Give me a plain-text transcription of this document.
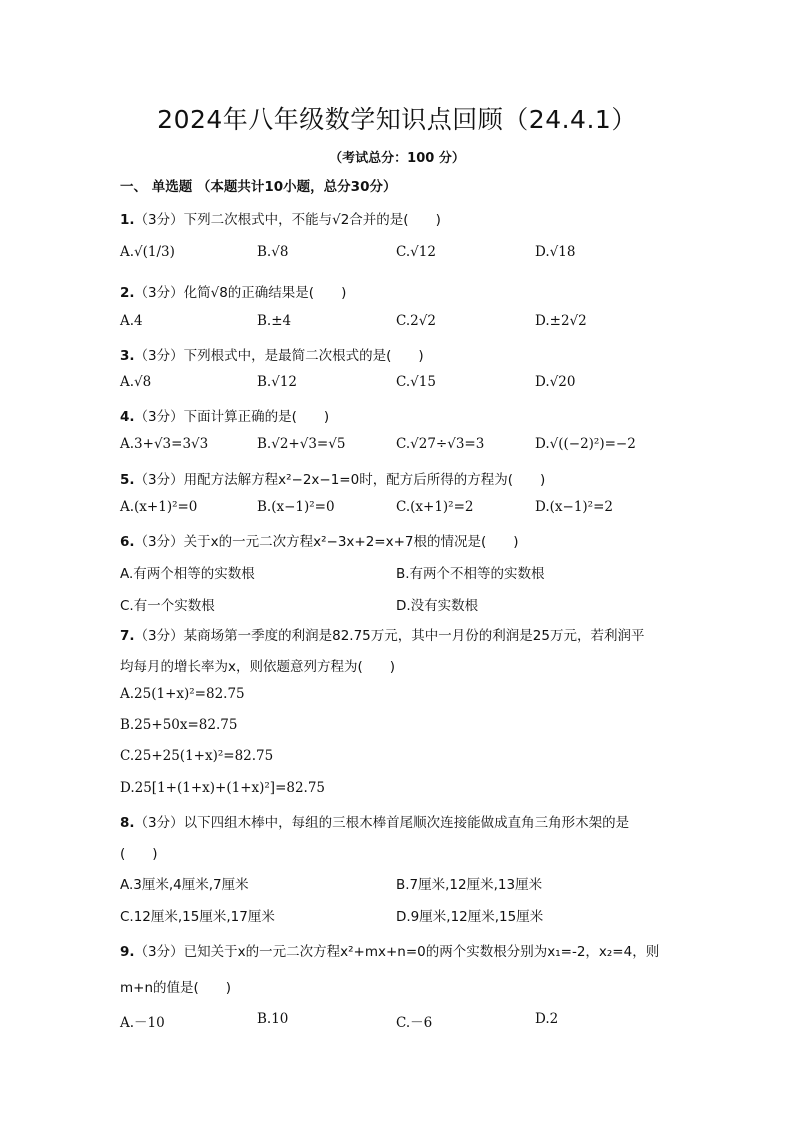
2024年八年级数学知识点回顾（24.4.1）
（考试总分：100 分）
一、 单选题 （本题共计10小题，总分30分）
1.（3分）下列二次根式中，不能与√2合并的是(　　)
A.√(1/3)	B.√8	C.√12	D.√18
2.（3分）化简√8的正确结果是(　　)
A.4	B.±4	C.2√2	D.±2√2
3.（3分）下列根式中，是最简二次根式的是(　　)
A.√8	B.√12	C.√15	D.√20
4.（3分）下面计算正确的是(　　)
A.3+√3=3√3	B.√2+√3=√5	C.√27÷√3=3	D.√((−2)²)=−2
5.（3分）用配方法解方程x²−2x−1=0时，配方后所得的方程为(　　)
A.(x+1)²=0	B.(x−1)²=0	C.(x+1)²=2	D.(x−1)²=2
6.（3分）关于x的一元二次方程x²−3x+2=x+7根的情况是(　　)
A.有两个相等的实数根	B.有两个不相等的实数根
C.有一个实数根	D.没有实数根
7.（3分）某商场第一季度的利润是82.75万元，其中一月份的利润是25万元，若利润平
均每月的增长率为x，则依题意列方程为(　　)
A.25(1+x)²=82.75
B.25+50x=82.75
C.25+25(1+x)²=82.75
D.25[1+(1+x)+(1+x)²]=82.75
8.（3分）以下四组木棒中，每组的三根木棒首尾顺次连接能做成直角三角形木架的是
(　　)
A.3厘米,4厘米,7厘米	B.7厘米,12厘米,13厘米
C.12厘米,15厘米,17厘米	D.9厘米,12厘米,15厘米
9.（3分）已知关于x的一元二次方程x²+mx+n=0的两个实数根分别为x₁=-2，x₂=4，则
m+n的值是(　　)
A.－10	B.10	C.－6	D.2
